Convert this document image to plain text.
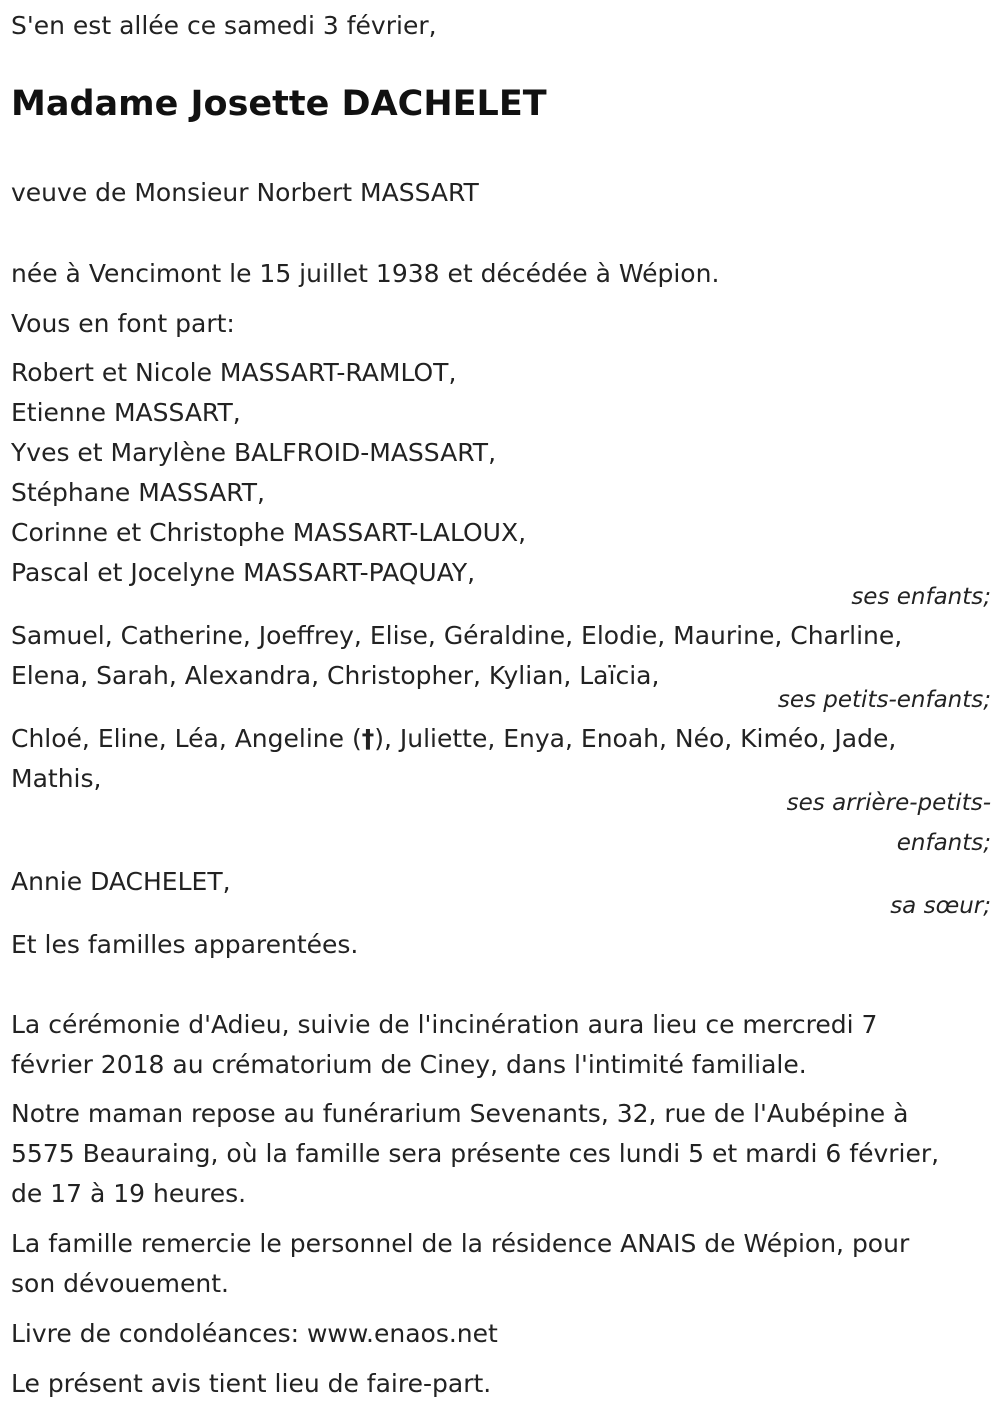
S'en est allée ce samedi 3 février,
Madame Josette DACHELET
veuve de Monsieur Norbert MASSART
née à Vencimont le 15 juillet 1938 et décédée à Wépion.
Vous en font part:
Robert et Nicole MASSART-RAMLOT,
Etienne MASSART,
Yves et Marylène BALFROID-MASSART,
Stéphane MASSART,
Corinne et Christophe MASSART-LALOUX,
Pascal et Jocelyne MASSART-PAQUAY,
ses enfants;
Samuel, Catherine, Joeffrey, Elise, Géraldine, Elodie, Maurine, Charline,
Elena, Sarah, Alexandra, Christopher, Kylian, Laïcia,
ses petits-enfants;
Chloé, Eline, Léa, Angeline (†), Juliette, Enya, Enoah, Néo, Kiméo, Jade,
Mathis,
ses arrière-petits-
enfants;
Annie DACHELET,
sa sœur;
Et les familles apparentées.
La cérémonie d'Adieu, suivie de l'incinération aura lieu ce mercredi 7
février 2018 au crématorium de Ciney, dans l'intimité familiale.
Notre maman repose au funérarium Sevenants, 32, rue de l'Aubépine à
5575 Beauraing, où la famille sera présente ces lundi 5 et mardi 6 février,
de 17 à 19 heures.
La famille remercie le personnel de la résidence ANAIS de Wépion, pour
son dévouement.
Livre de condoléances: www.enaos.net
Le présent avis tient lieu de faire-part.
